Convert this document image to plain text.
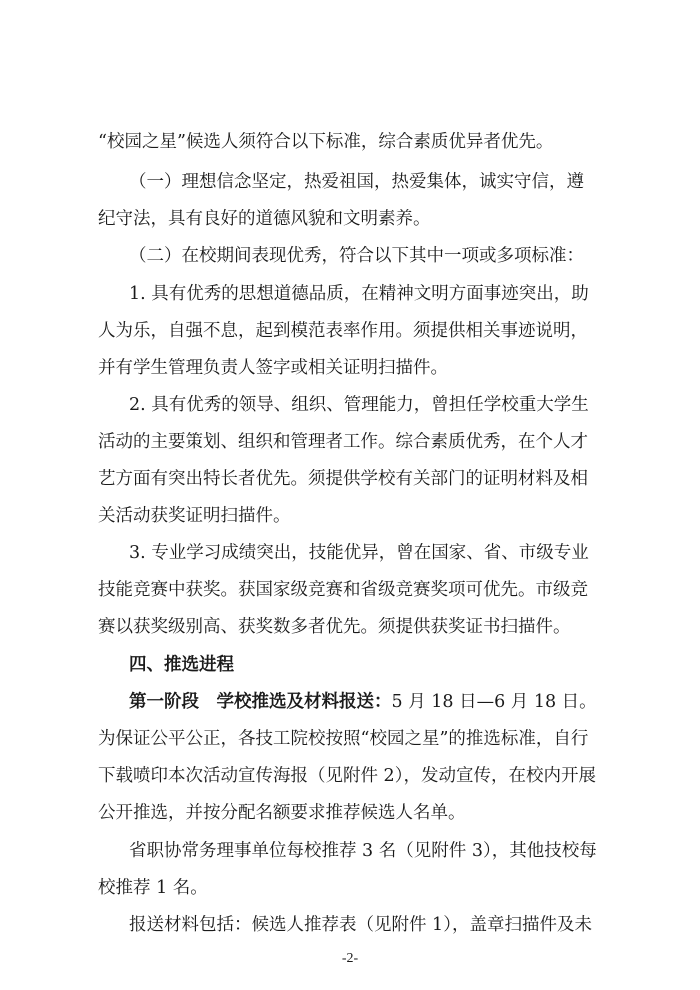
“校园之星”候选人须符合以下标准，综合素质优异者优先。
（一）理想信念坚定，热爱祖国，热爱集体，诚实守信，遵
纪守法，具有良好的道德风貌和文明素养。
（二）在校期间表现优秀，符合以下其中一项或多项标准：
1. 具有优秀的思想道德品质，在精神文明方面事迹突出，助
人为乐，自强不息，起到模范表率作用。须提供相关事迹说明，
并有学生管理负责人签字或相关证明扫描件。
2. 具有优秀的领导、组织、管理能力，曾担任学校重大学生
活动的主要策划、组织和管理者工作。综合素质优秀，在个人才
艺方面有突出特长者优先。须提供学校有关部门的证明材料及相
关活动获奖证明扫描件。
3. 专业学习成绩突出，技能优异，曾在国家、省、市级专业
技能竞赛中获奖。获国家级竞赛和省级竞赛奖项可优先。市级竞
赛以获奖级别高、获奖数多者优先。须提供获奖证书扫描件。
四、推选进程
第一阶段　学校推选及材料报送：5 月 18 日—6 月 18 日。
为保证公平公正，各技工院校按照“校园之星”的推选标准，自行
下载喷印本次活动宣传海报（见附件 2），发动宣传，在校内开展
公开推选，并按分配名额要求推荐候选人名单。
省职协常务理事单位每校推荐 3 名（见附件 3），其他技校每
校推荐 1 名。
报送材料包括：候选人推荐表（见附件 1），盖章扫描件及未
-2-
